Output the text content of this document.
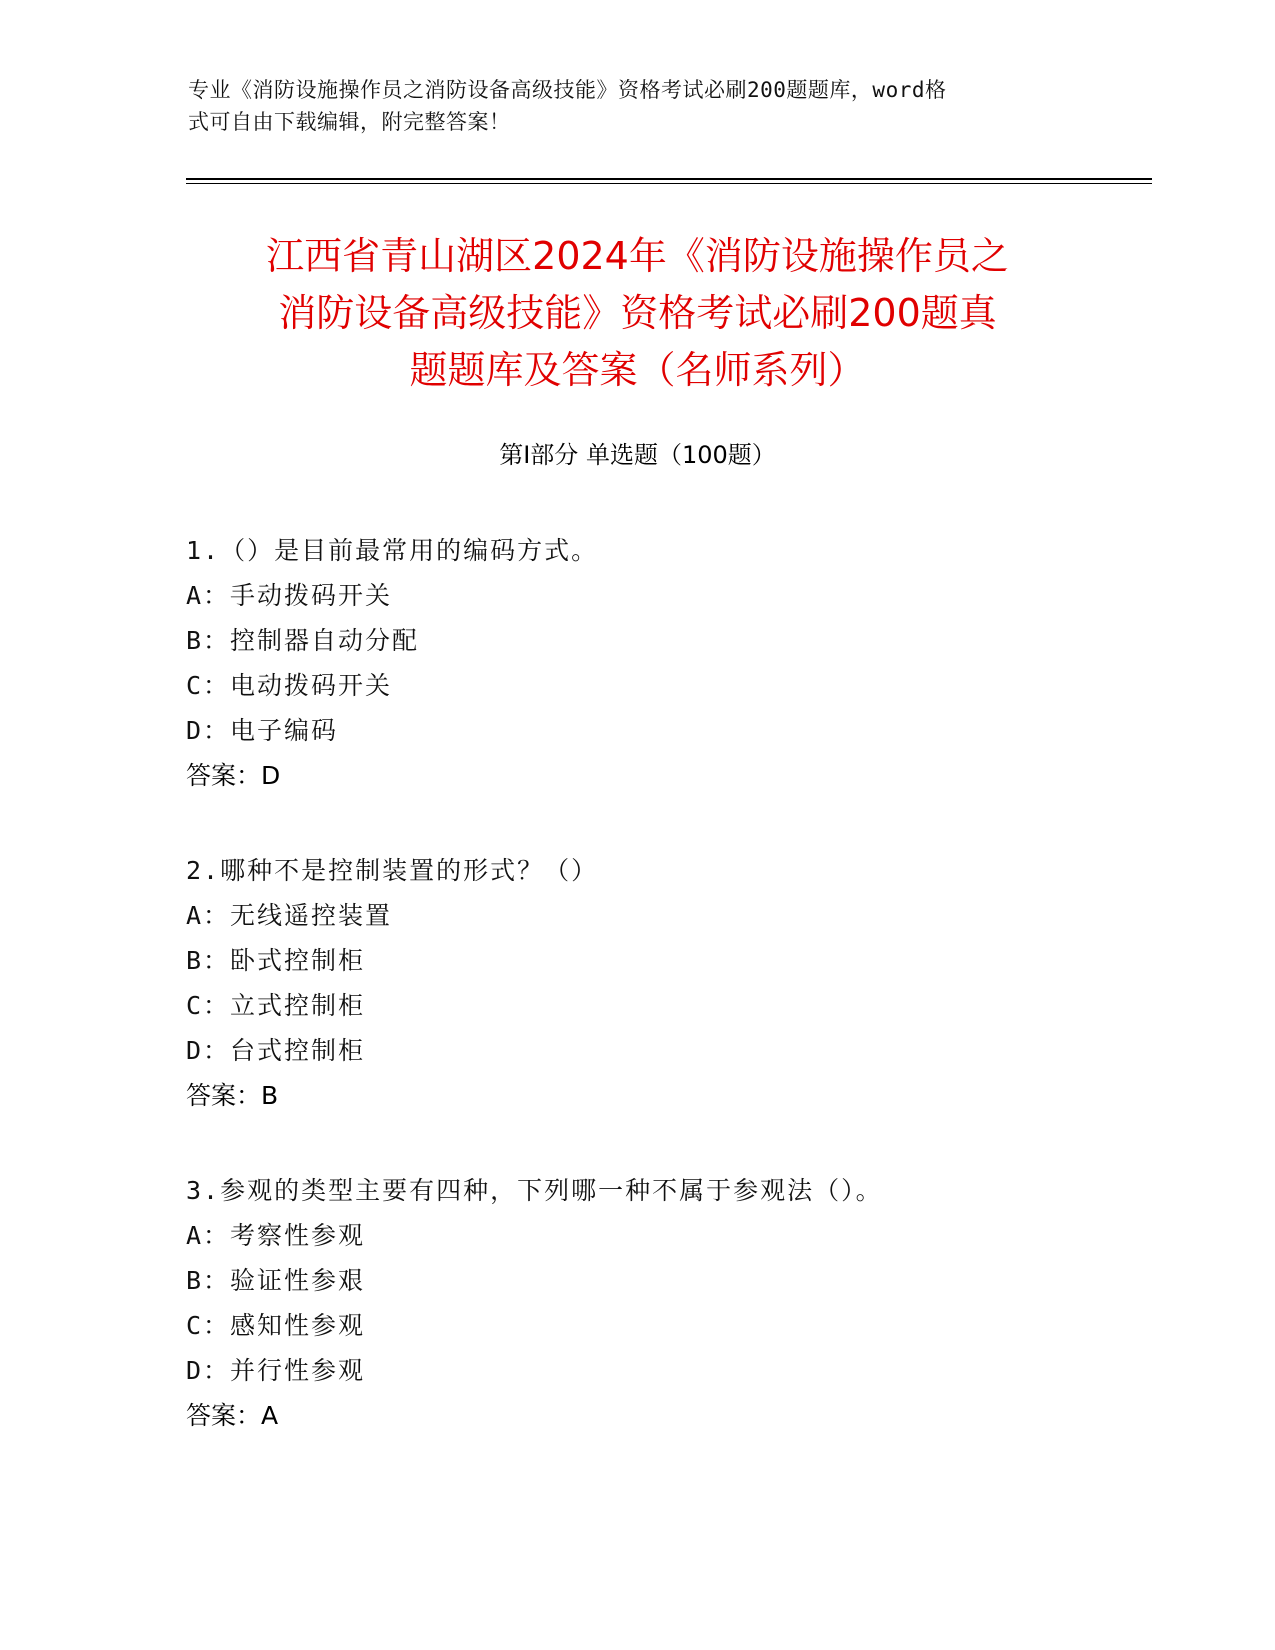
专业《消防设施操作员之消防设备高级技能》资格考试必刷200题题库，word格
式可自由下载编辑，附完整答案！
江西省青山湖区2024年《消防设施操作员之
消防设备高级技能》资格考试必刷200题真
题题库及答案（名师系列）
第Ⅰ部分 单选题（100题）
1.（）是目前最常用的编码方式。
A：手动拨码开关
B：控制器自动分配
C：电动拨码开关
D：电子编码
答案：D
2.哪种不是控制装置的形式？（）
A：无线遥控装置
B：卧式控制柜
C：立式控制柜
D：台式控制柜
答案：B
3.参观的类型主要有四种，下列哪一种不属于参观法（）。
A：考察性参观
B：验证性参艰
C：感知性参观
D：并行性参观
答案：A
